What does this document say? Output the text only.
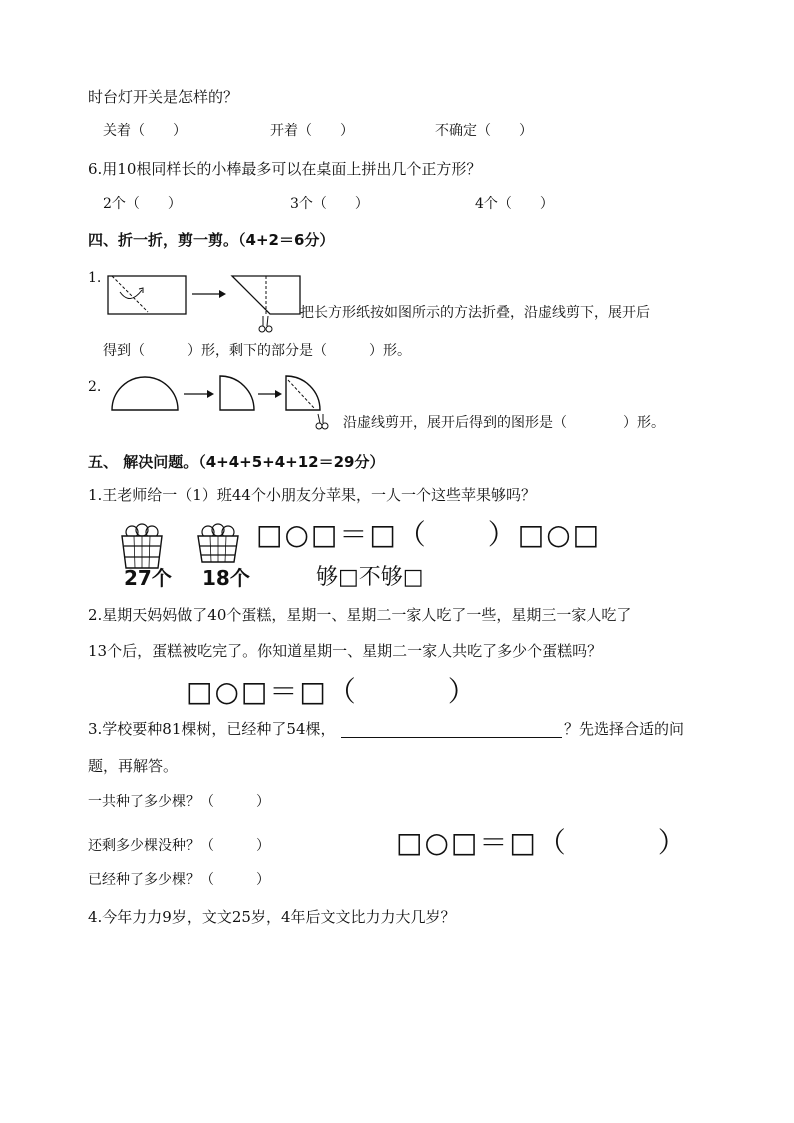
时台灯开关是怎样的？
关着（　　）	开着（　　）	不确定（　　）
6.用10根同样长的小棒最多可以在桌面上拼出几个正方形？
2个（　　）	3个（　　）	4个（　　）
四、折一折，剪一剪。（4+2＝6分）
1.
把长方形纸按如图所示的方法折叠，沿虚线剪下，展开后
得到（　　　）形，剩下的部分是（　　　）形。
2.
沿虚线剪开，展开后得到的图形是（　　　　）形。
五、 解决问题。（4+4+5+4+12＝29分）
1.王老师给一（1）班44个小朋友分苹果，一人一个这些苹果够吗？
27个 18个
□○□＝□（　　）□○□
够□不够□
2.星期天妈妈做了40个蛋糕，星期一、星期二一家人吃了一些，星期三一家人吃了
13个后，蛋糕被吃完了。你知道星期一、星期二一家人共吃了多少个蛋糕吗？
□○□＝□（　　　）
3.学校要种81棵树，已经种了54棵，	？先选择合适的问
题，再解答。
一共种了多少棵？（　　　）
还剩多少棵没种？（　　　）
已经种了多少棵？（　　　）
□○□＝□（　　　）
4.今年力力9岁，文文25岁，4年后文文比力力大几岁？
